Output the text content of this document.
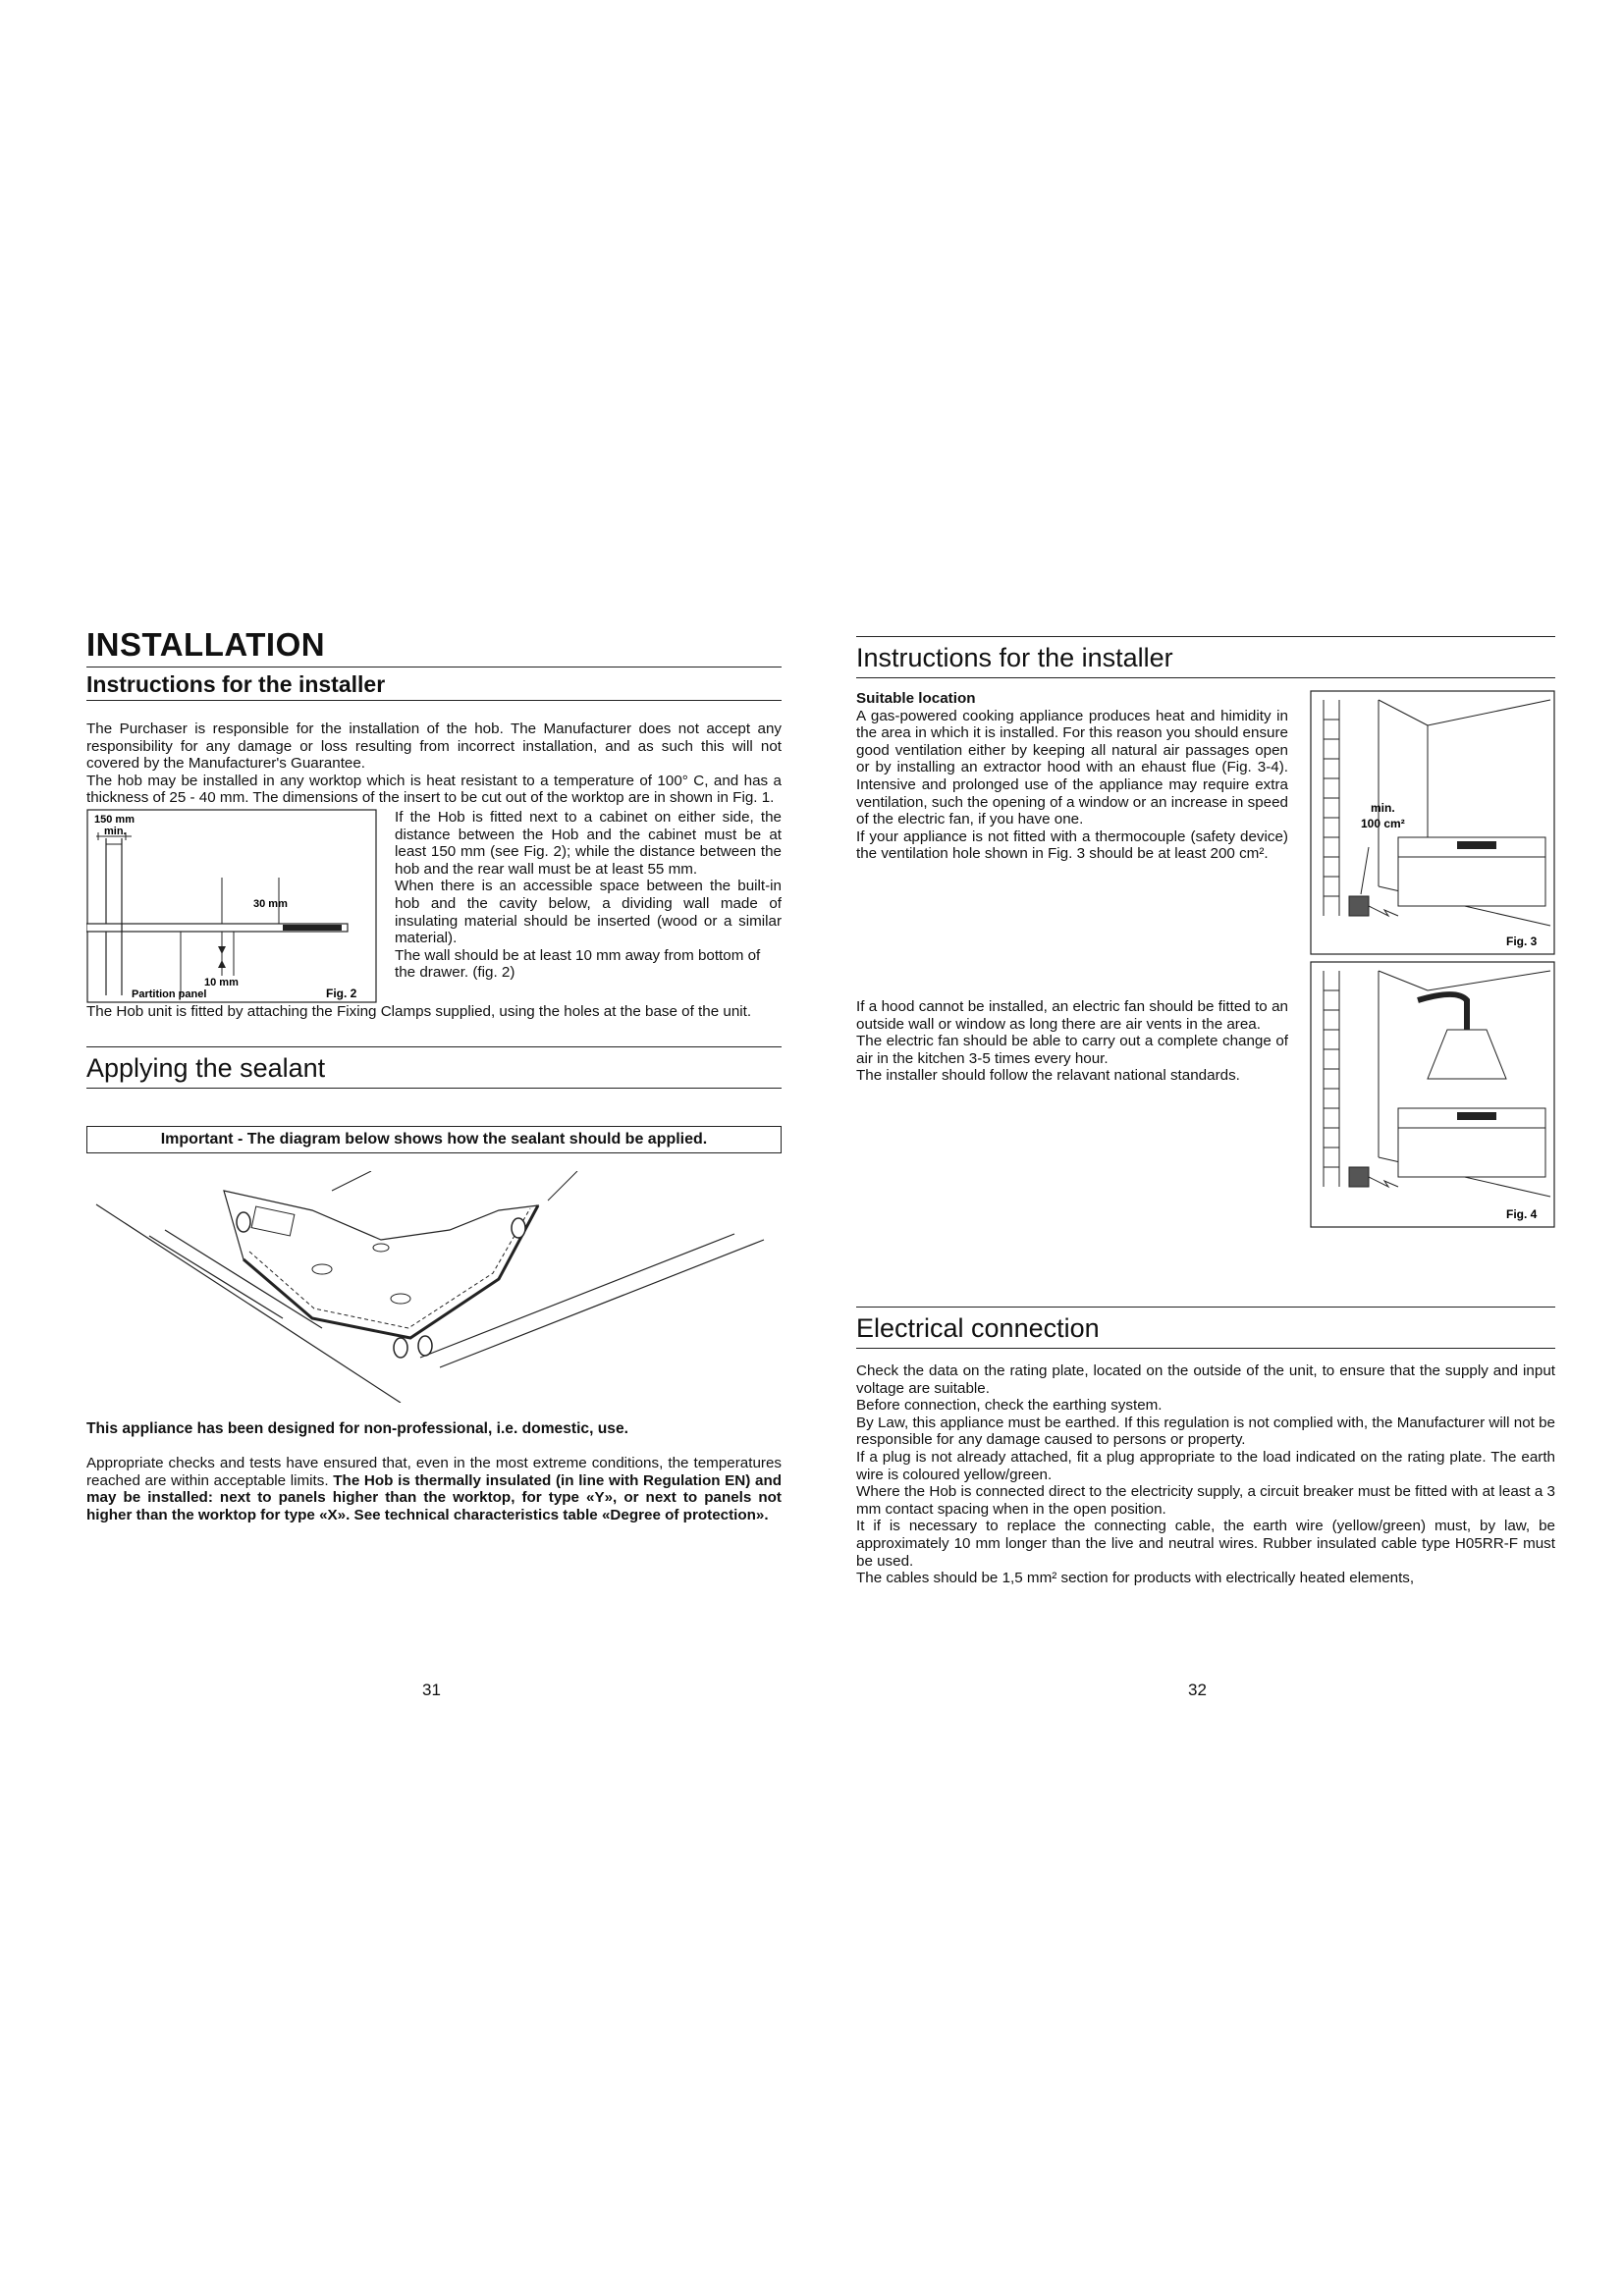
INSTALLATION
Instructions for the installer

The Purchaser is responsible for the installation of the hob. The Manufacturer does not accept any responsibility for any damage or loss resulting from incorrect installation, and as such this will not covered by the Manufacturer's Guarantee.

The hob may be installed in any worktop which is heat resistant to a temperature of 100° C, and has a thickness of 25 - 40 mm. The dimensions of the insert to be cut out of the worktop are in shown in Fig. 1.

150 mm
min.
30 mm
10 mm
Partition panel	Fig. 2

If the Hob is fitted next to a cabinet on either side, the distance between the Hob and the cabinet must be at least 150 mm (see Fig. 2); while the distance between the hob and the rear wall must be at least 55 mm.

When there is an accessible space between the built-in hob and the cavity below, a dividing wall made of insulating material should be inserted (wood or a similar material).

The wall should be at least 10 mm away from bottom of the drawer. (fig. 2)

The Hob unit is fitted by attaching the Fixing Clamps supplied, using the holes at the base of the unit.

Applying the sealant
Important - The diagram below shows how the sealant should be applied.

This appliance has been designed for non-professional, i.e. domestic, use.

Appropriate checks and tests have ensured that, even in the most extreme conditions, the temperatures reached are within acceptable limits. The Hob is thermally insulated (in line with Regulation EN) and may be installed: next to panels higher than the worktop, for type «Y», or next to panels not higher than the worktop for type «X». See technical characteristics table «Degree of protection».

31
Instructions for the installer

Suitable location

A gas-powered cooking appliance produces heat and himidity in the area in which it is installed. For this reason you should ensure good ventilation either by keeping all natural air passages open or by installing an extractor hood with an ehaust flue (Fig. 3-4). Intensive and prolonged use of the appliance may require extra ventilation, such the opening of a window or an increase in speed of the electric fan, if you have one.

If your appliance is not fitted with a thermocouple (safety device) the ventilation hole shown in Fig. 3 should be at least 200 cm².

min.
100 cm²
Fig. 3

If a hood cannot be installed, an electric fan should be fitted to an outside wall or window as long there are air vents in the area.

The electric fan should be able to carry out a complete change of air in the kitchen 3-5 times every hour.

The installer should follow the relavant national standards.

Fig. 4
Electrical connection

Check the data on the rating plate, located on the outside of the unit, to ensure that the supply and input voltage are suitable.

Before connection, check the earthing system.

By Law, this appliance must be earthed. If this regulation is not complied with, the Manufacturer will not be responsible for any damage caused to persons or property.

If a plug is not already attached, fit a plug appropriate to the load indicated on the rating plate. The earth wire is coloured yellow/green.

Where the Hob is connected direct to the electricity supply, a circuit breaker must be fitted with at least a 3 mm contact spacing when in the open position.

It if is necessary to replace the connecting cable, the earth wire (yellow/green) must, by law, be approximately 10 mm longer than the live and neutral wires. Rubber insulated cable type H05RR-F must be used.

The cables should be 1,5 mm² section for products with electrically heated elements,

32
